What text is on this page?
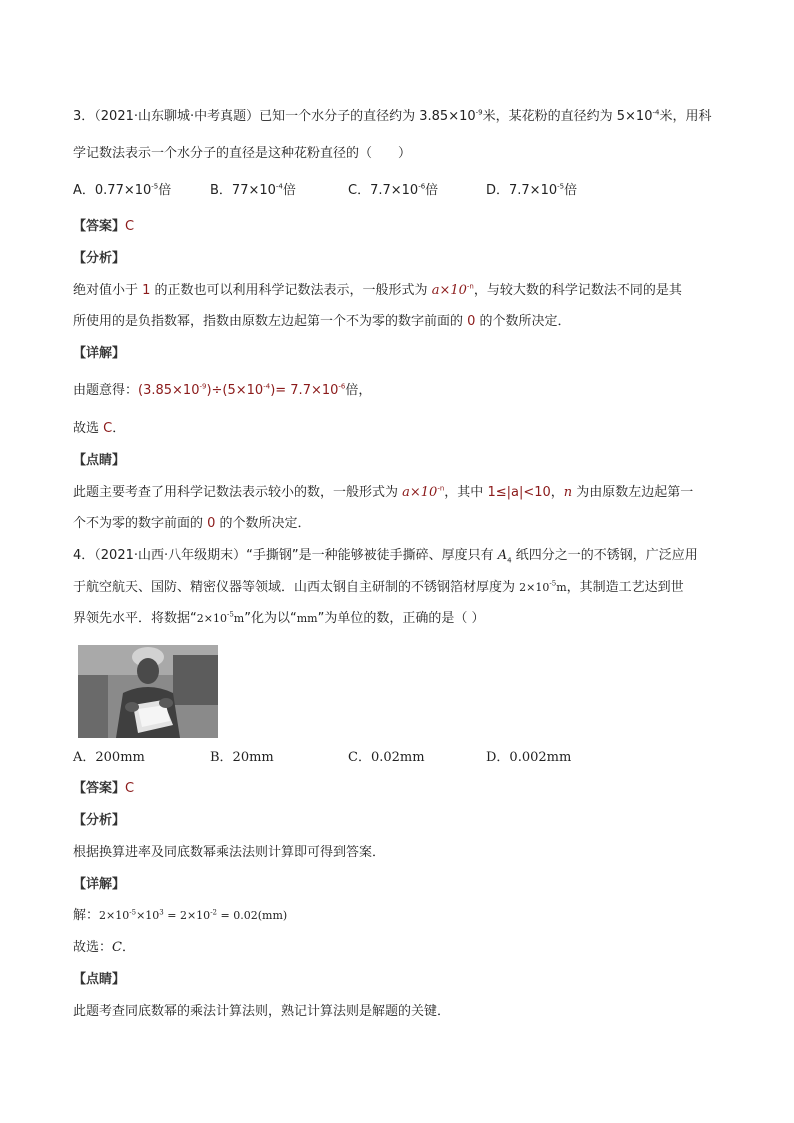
3．（2021·山东聊城·中考真题）已知一个水分子的直径约为 $3.85\times 10^{-9}$米，某花粉的直径约为 $5\times 10^{-4}$米，用科
学记数法表示一个水分子的直径是这种花粉直径的（　　）
A．$0.77\times 10^{-5}$倍	B．$77\times 10^{-4}$倍	C．$7.7\times 10^{-6}$倍	D．$7.7\times 10^{-5}$倍
【答案】C
【分析】
绝对值小于 1 的正数也可以利用科学记数法表示，一般形式为 $a\times 10^{-n}$，与较大数的科学记数法不同的是其
所使用的是负指数幂，指数由原数左边起第一个不为零的数字前面的 0 的个数所决定．
【详解】
由题意得：$(3.85\times 10^{-9})\div(5\times 10^{-4})= 7.7\times 10^{-6}$倍，
故选 C．
【点睛】
此题主要考查了用科学记数法表示较小的数，一般形式为 $a\times 10^{-n}$，其中 1≤|a|<10，n 为由原数左边起第一
个不为零的数字前面的 0 的个数所决定．
4．（2021·山西·八年级期末）“手撕钢”是一种能够被徒手撕碎、厚度只有 $A_4$ 纸四分之一的不锈钢，广泛应用
于航空航天、国防、精密仪器等领域．山西太钢自主研制的不锈钢箔材厚度为 $2\times 10^{-5}m$，其制造工艺达到世
界领先水平．将数据“$2\times 10^{-5}m$”化为以“mm”为单位的数，正确的是（ ）
A．200mm	B．20mm	C．0.02mm	D．0.002mm
【答案】C
【分析】
根据换算进率及同底数幂乘法法则计算即可得到答案．
【详解】
解：$2\times 10^{-5}\times 10^3 = 2\times 10^{-2} = 0.02(mm)$
故选：C．
【点睛】
此题考查同底数幂的乘法计算法则，熟记计算法则是解题的关键．
